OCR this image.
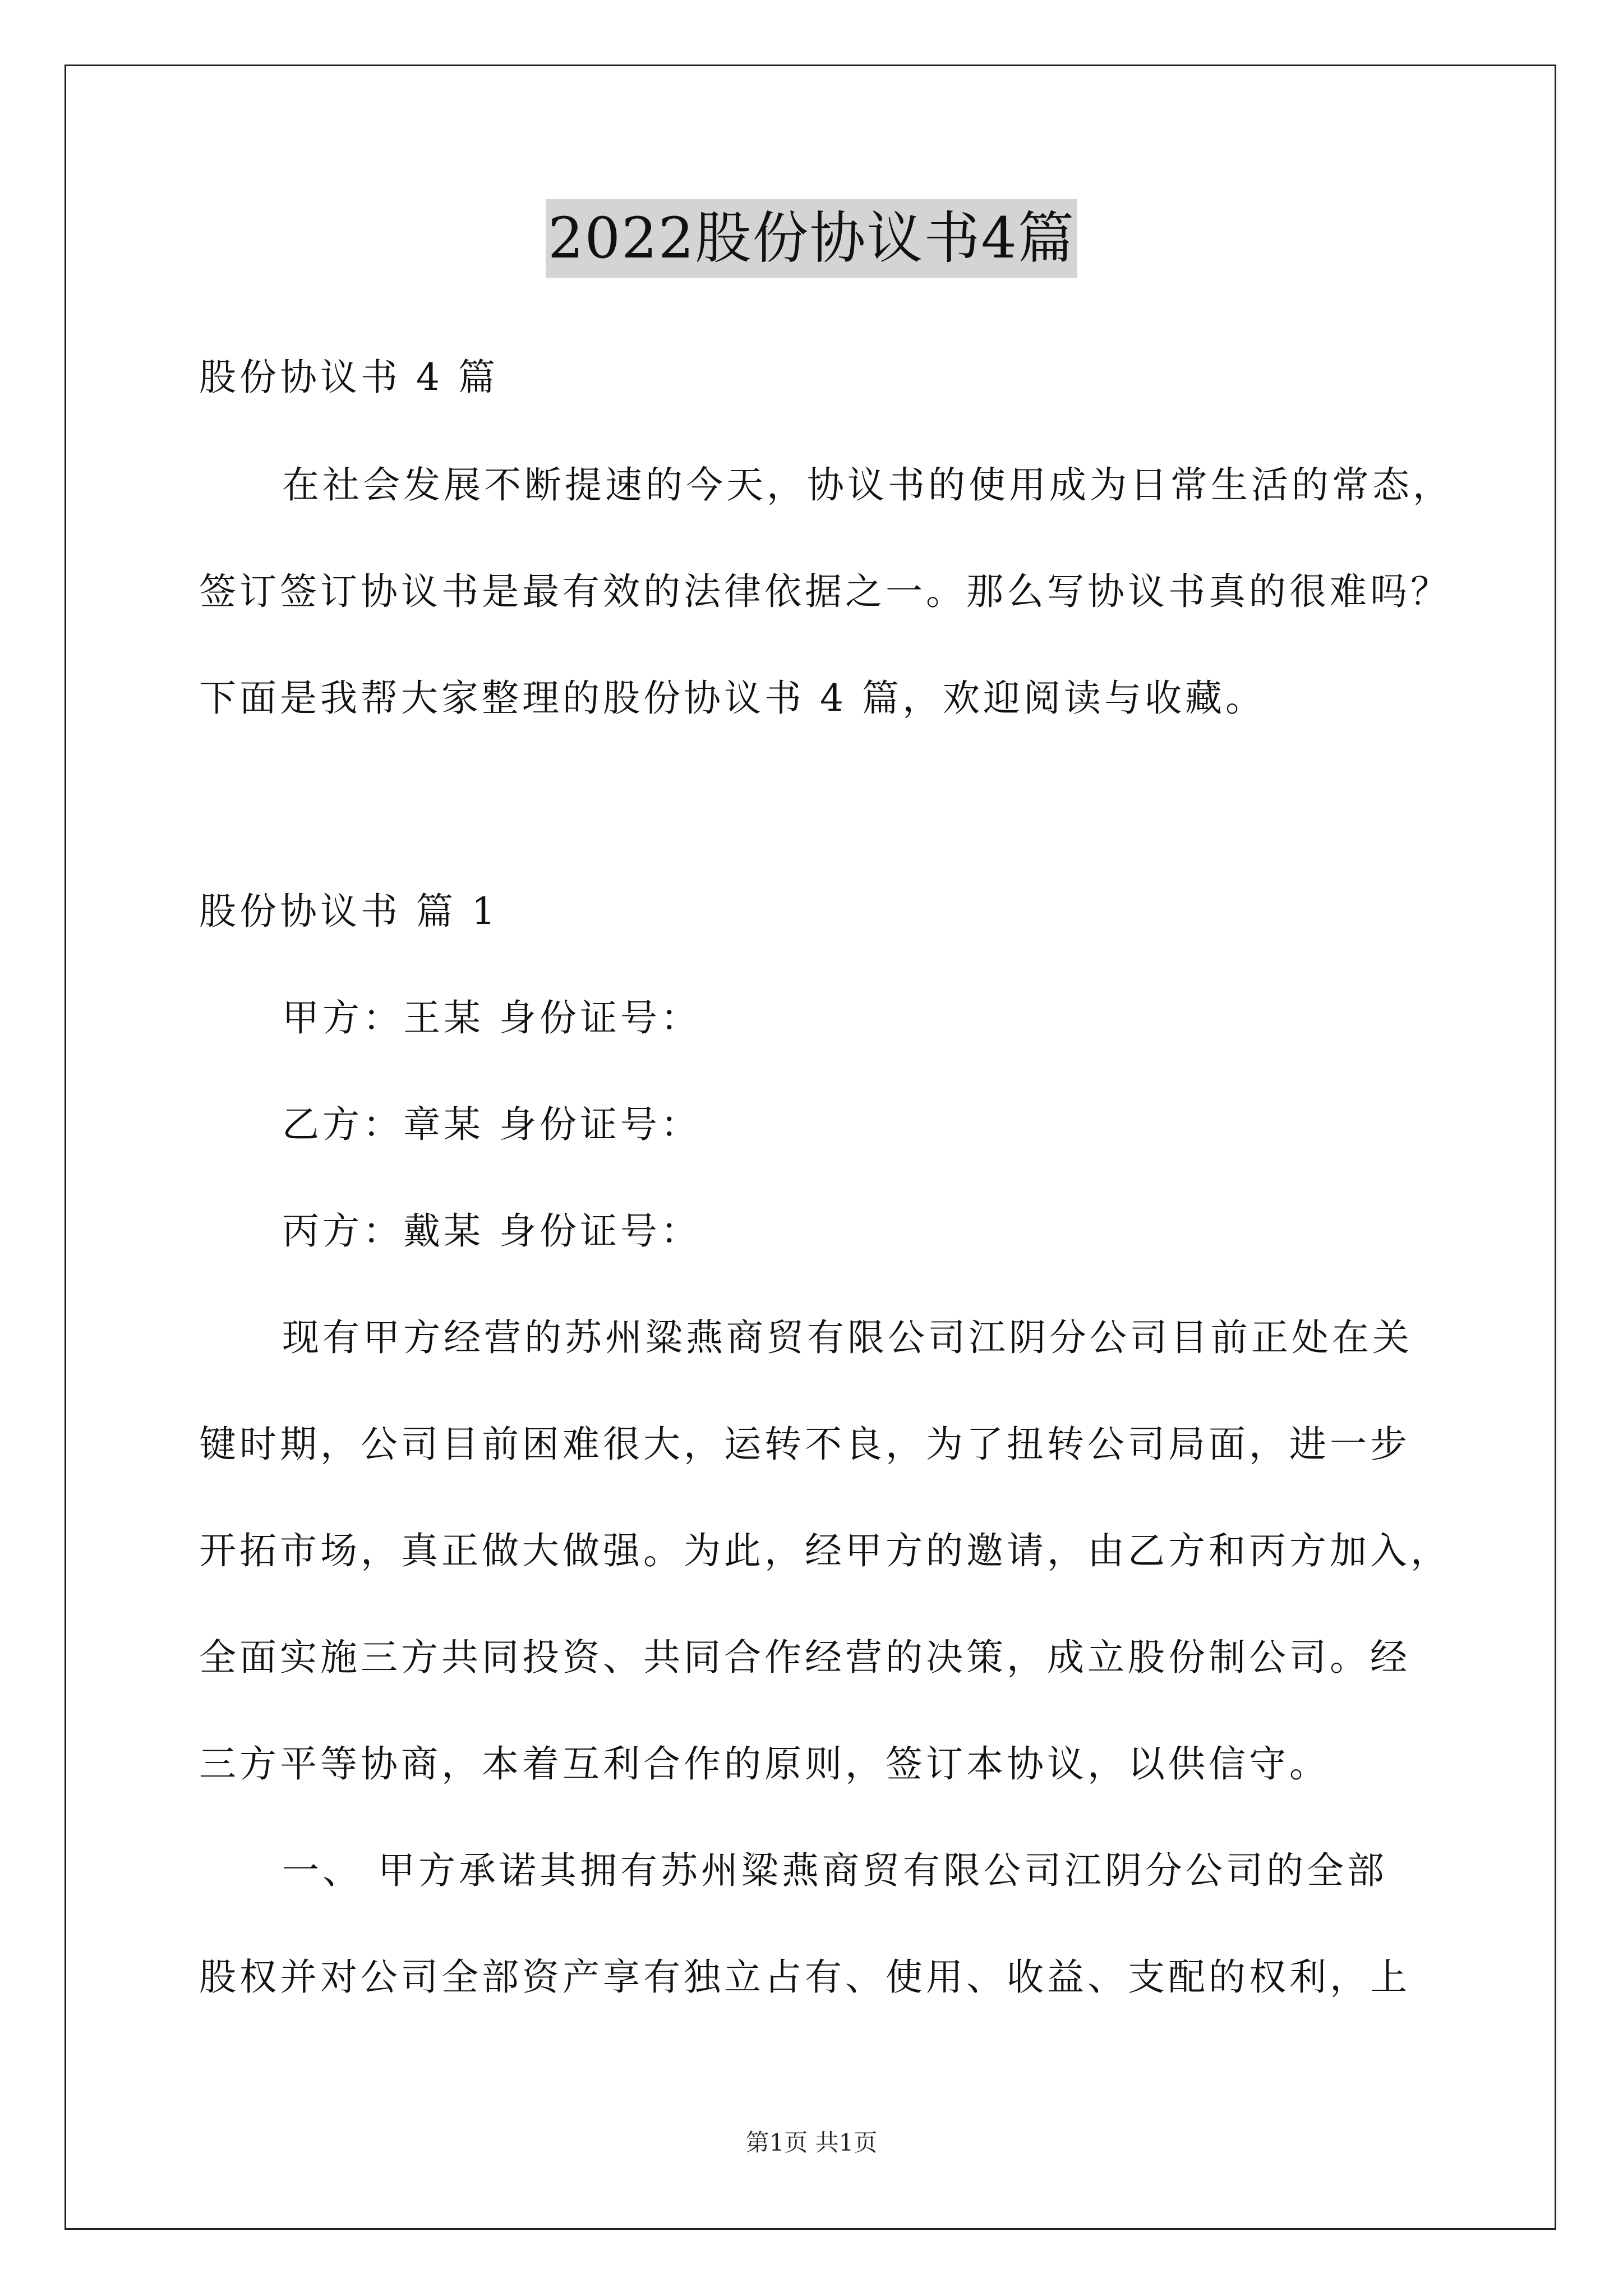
2022股份协议书4篇
股份协议书 4 篇
在社会发展不断提速的今天，协议书的使用成为日常生活的常态，
签订签订协议书是最有效的法律依据之一。那么写协议书真的很难吗？
下面是我帮大家整理的股份协议书 4 篇，欢迎阅读与收藏。
股份协议书 篇 1
甲方：王某 身份证号：
乙方：章某 身份证号：
丙方：戴某 身份证号：
现有甲方经营的苏州粱燕商贸有限公司江阴分公司目前正处在关
键时期，公司目前困难很大，运转不良，为了扭转公司局面，进一步
开拓市场，真正做大做强。为此，经甲方的邀请，由乙方和丙方加入，
全面实施三方共同投资、共同合作经营的决策，成立股份制公司。经
三方平等协商，本着互利合作的原则，签订本协议，以供信守。
一、 甲方承诺其拥有苏州粱燕商贸有限公司江阴分公司的全部
股权并对公司全部资产享有独立占有、使用、收益、支配的权利，上
第1页 共1页
